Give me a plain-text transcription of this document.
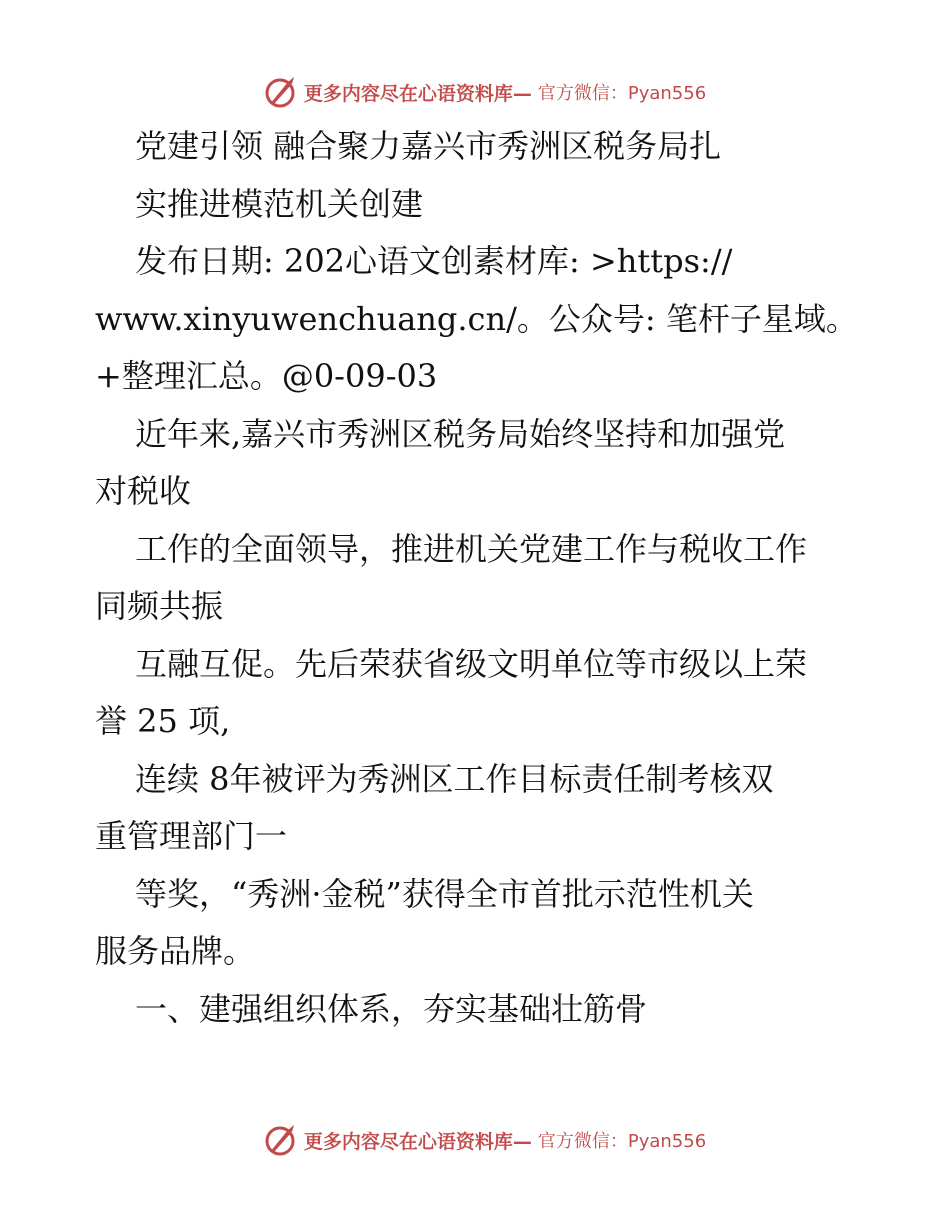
更多内容尽在心语资料库— 官方微信：Pyan556

党建引领 融合聚力嘉兴市秀洲区税务局扎
实推进模范机关创建

发布日期: 202心语文创素材库: >https://
www.xinyuwenchuang.cn/。公众号: 笔杆子星域。
+整理汇总。@0-09-03

近年来,嘉兴市秀洲区税务局始终坚持和加强党
对税收

工作的全面领导，推进机关党建工作与税收工作
同频共振

互融互促。先后荣获省级文明单位等市级以上荣
誉 25 项,

连续 8年被评为秀洲区工作目标责任制考核双
重管理部门一

等奖，“秀洲·金税”获得全市首批示范性机关
服务品牌。

一、建强组织体系，夯实基础壮筋骨

更多内容尽在心语资料库— 官方微信：Pyan556
